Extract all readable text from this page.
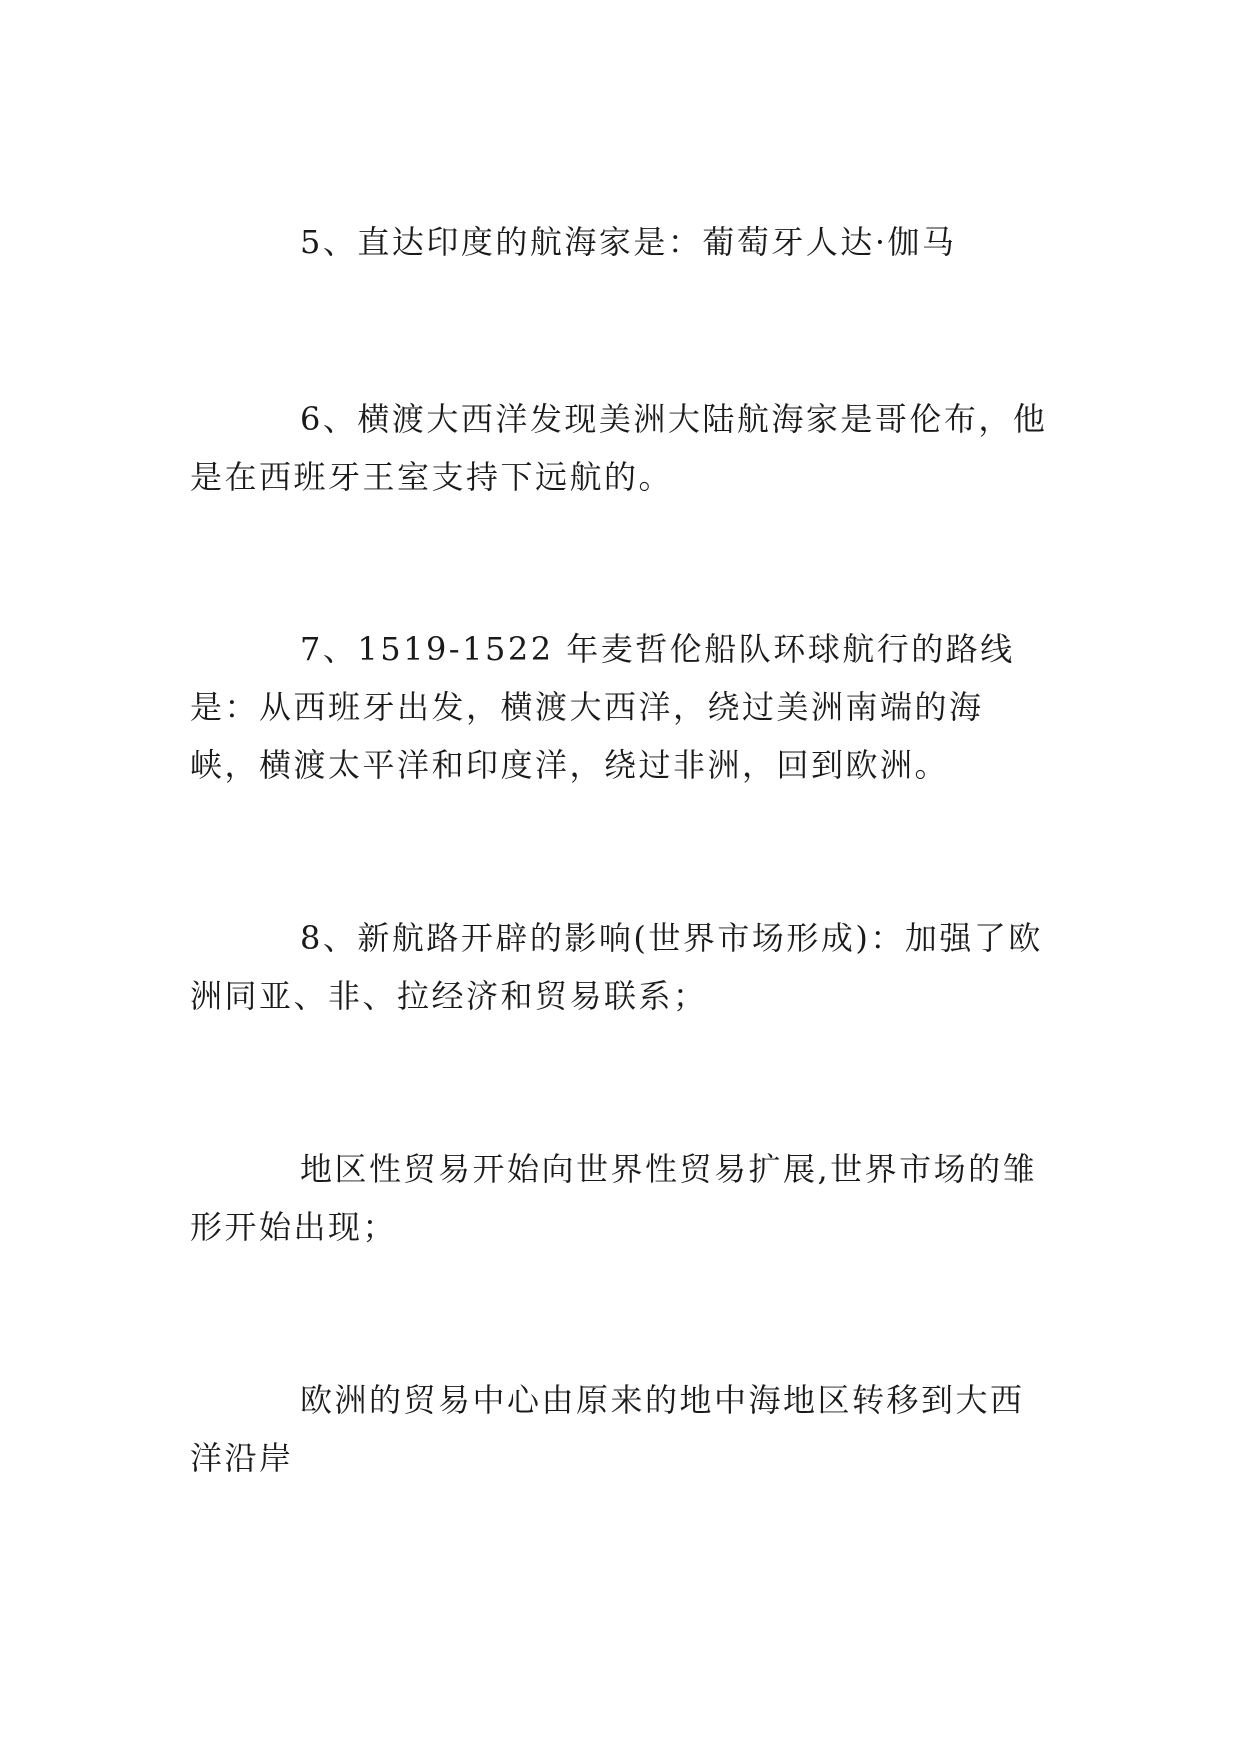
5、直达印度的航海家是：葡萄牙人达·伽马

6、横渡大西洋发现美洲大陆航海家是哥伦布，他是在西班牙王室支持下远航的。

7、1519-1522 年麦哲伦船队环球航行的路线是：从西班牙出发，横渡大西洋，绕过美洲南端的海峡，横渡太平洋和印度洋，绕过非洲，回到欧洲。

8、新航路开辟的影响(世界市场形成)：加强了欧洲同亚、非、拉经济和贸易联系；

地区性贸易开始向世界性贸易扩展,世界市场的雏形开始出现；

欧洲的贸易中心由原来的地中海地区转移到大西洋沿岸
